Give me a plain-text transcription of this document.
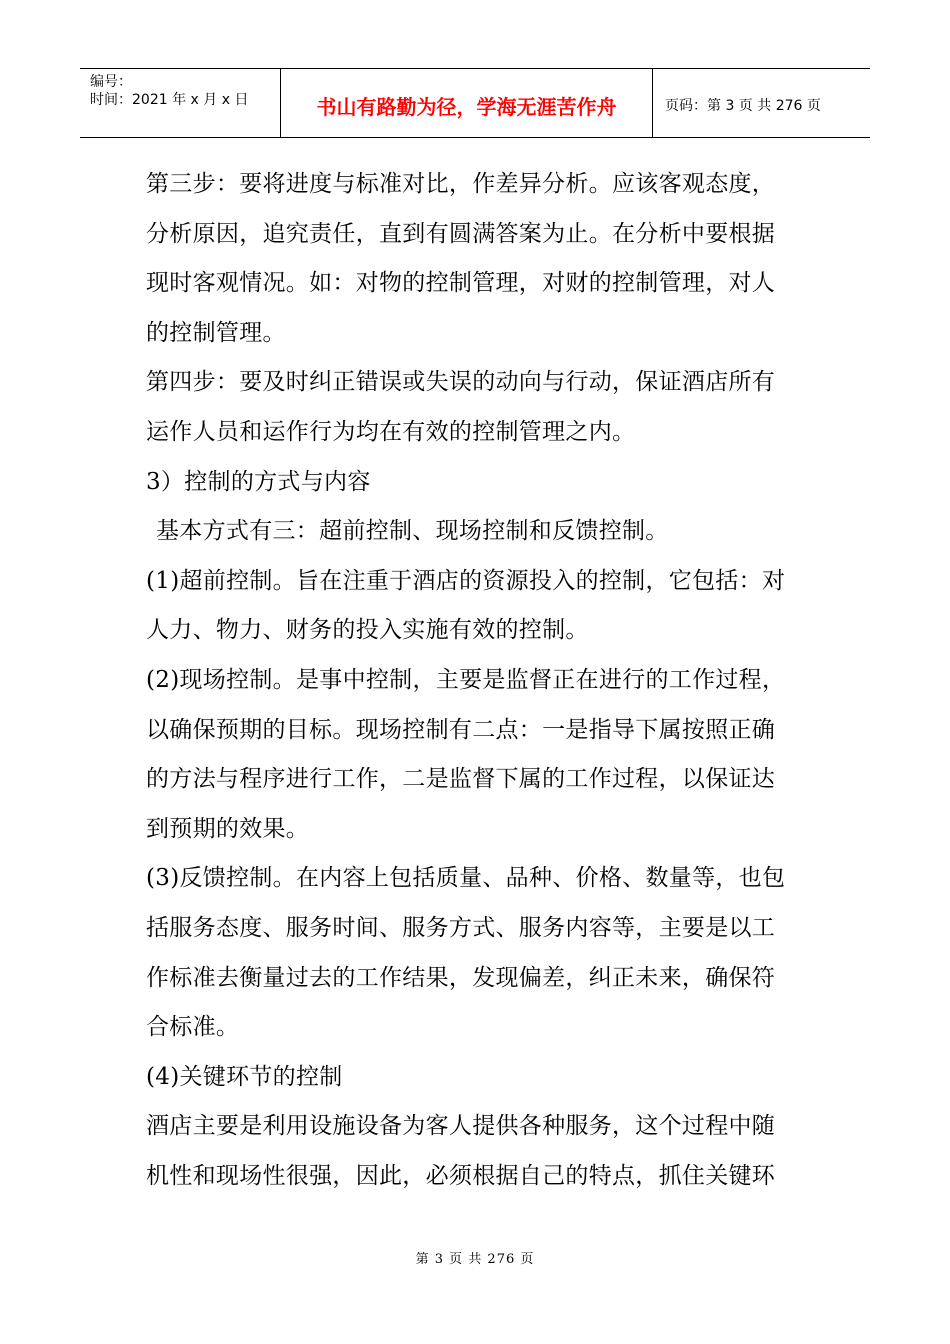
编号：
时间：2021 年 x 月 x 日	书山有路勤为径，学海无涯苦作舟	页码：第 3 页 共 276 页
第三步：要将进度与标准对比，作差异分析。应该客观态度，
分析原因，追究责任，直到有圆满答案为止。在分析中要根据
现时客观情况。如：对物的控制管理，对财的控制管理，对人
的控制管理。
第四步：要及时纠正错误或失误的动向与行动，保证酒店所有
运作人员和运作行为均在有效的控制管理之内。
3）控制的方式与内容
基本方式有三：超前控制、现场控制和反馈控制。
(1)超前控制。旨在注重于酒店的资源投入的控制，它包括：对
人力、物力、财务的投入实施有效的控制。
(2)现场控制。是事中控制，主要是监督正在进行的工作过程，
以确保预期的目标。现场控制有二点：一是指导下属按照正确
的方法与程序进行工作，二是监督下属的工作过程，以保证达
到预期的效果。
(3)反馈控制。在内容上包括质量、品种、价格、数量等，也包
括服务态度、服务时间、服务方式、服务内容等，主要是以工
作标准去衡量过去的工作结果，发现偏差，纠正未来，确保符
合标准。
(4)关键环节的控制
酒店主要是利用设施设备为客人提供各种服务，这个过程中随
机性和现场性很强，因此，必须根据自己的特点，抓住关键环
第 3 页 共 276 页
